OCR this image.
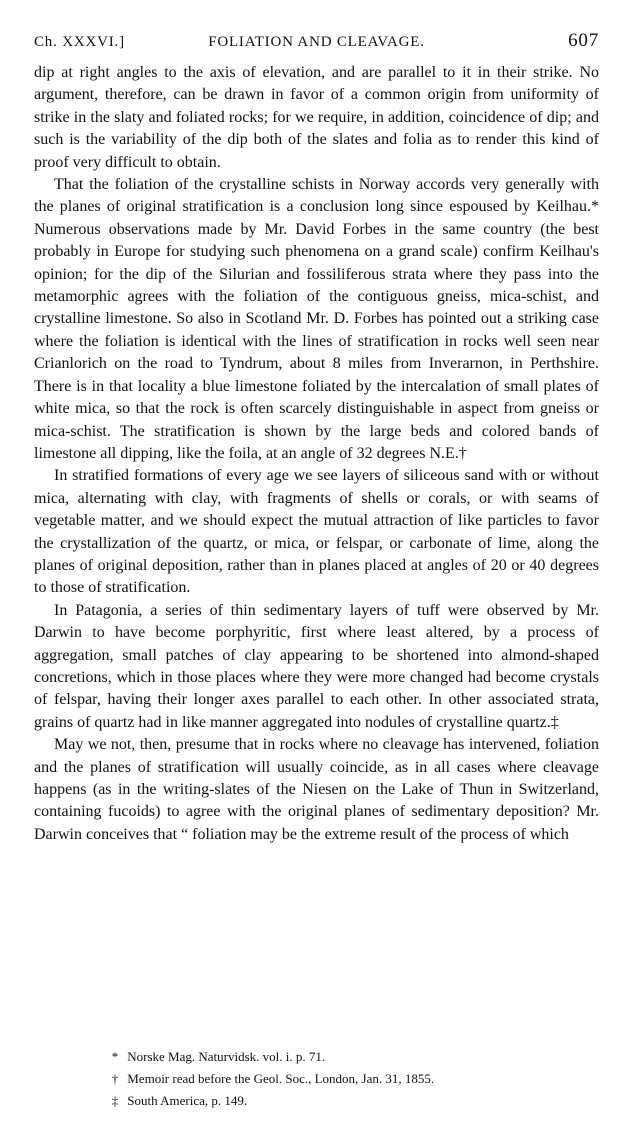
Ch. XXXVI.]	FOLIATION AND CLEAVAGE.	607

dip at right angles to the axis of elevation, and are parallel to it in their strike. No argument, therefore, can be drawn in favor of a common origin from uniformity of strike in the slaty and foliated rocks; for we require, in addition, coincidence of dip; and such is the variability of the dip both of the slates and folia as to render this kind of proof very difficult to obtain.

That the foliation of the crystalline schists in Norway accords very generally with the planes of original stratification is a conclusion long since espoused by Keilhau.* Numerous observations made by Mr. David Forbes in the same country (the best probably in Europe for studying such phenomena on a grand scale) confirm Keilhau's opinion; for the dip of the Silurian and fossiliferous strata where they pass into the metamorphic agrees with the foliation of the contiguous gneiss, mica-schist, and crystalline limestone. So also in Scotland Mr. D. Forbes has pointed out a striking case where the foliation is identical with the lines of stratification in rocks well seen near Crianlorich on the road to Tyndrum, about 8 miles from Inverarnon, in Perthshire. There is in that locality a blue limestone foliated by the intercalation of small plates of white mica, so that the rock is often scarcely distinguishable in aspect from gneiss or mica-schist. The stratification is shown by the large beds and colored bands of limestone all dipping, like the foila, at an angle of 32 degrees N.E.†

In stratified formations of every age we see layers of siliceous sand with or without mica, alternating with clay, with fragments of shells or corals, or with seams of vegetable matter, and we should expect the mutual attraction of like particles to favor the crystallization of the quartz, or mica, or felspar, or carbonate of lime, along the planes of original deposition, rather than in planes placed at angles of 20 or 40 degrees to those of stratification.

In Patagonia, a series of thin sedimentary layers of tuff were observed by Mr. Darwin to have become porphyritic, first where least altered, by a process of aggregation, small patches of clay appearing to be shortened into almond-shaped concretions, which in those places where they were more changed had become crystals of felspar, having their longer axes parallel to each other. In other associated strata, grains of quartz had in like manner aggregated into nodules of crystalline quartz.‡

May we not, then, presume that in rocks where no cleavage has intervened, foliation and the planes of stratification will usually coincide, as in all cases where cleavage happens (as in the writing-slates of the Niesen on the Lake of Thun in Switzerland, containing fucoids) to agree with the original planes of sedimentary deposition? Mr. Darwin conceives that “ foliation may be the extreme result of the process of which

* Norske Mag. Naturvidsk. vol. i. p. 71.
† Memoir read before the Geol. Soc., London, Jan. 31, 1855.
‡ South America, p. 149.
